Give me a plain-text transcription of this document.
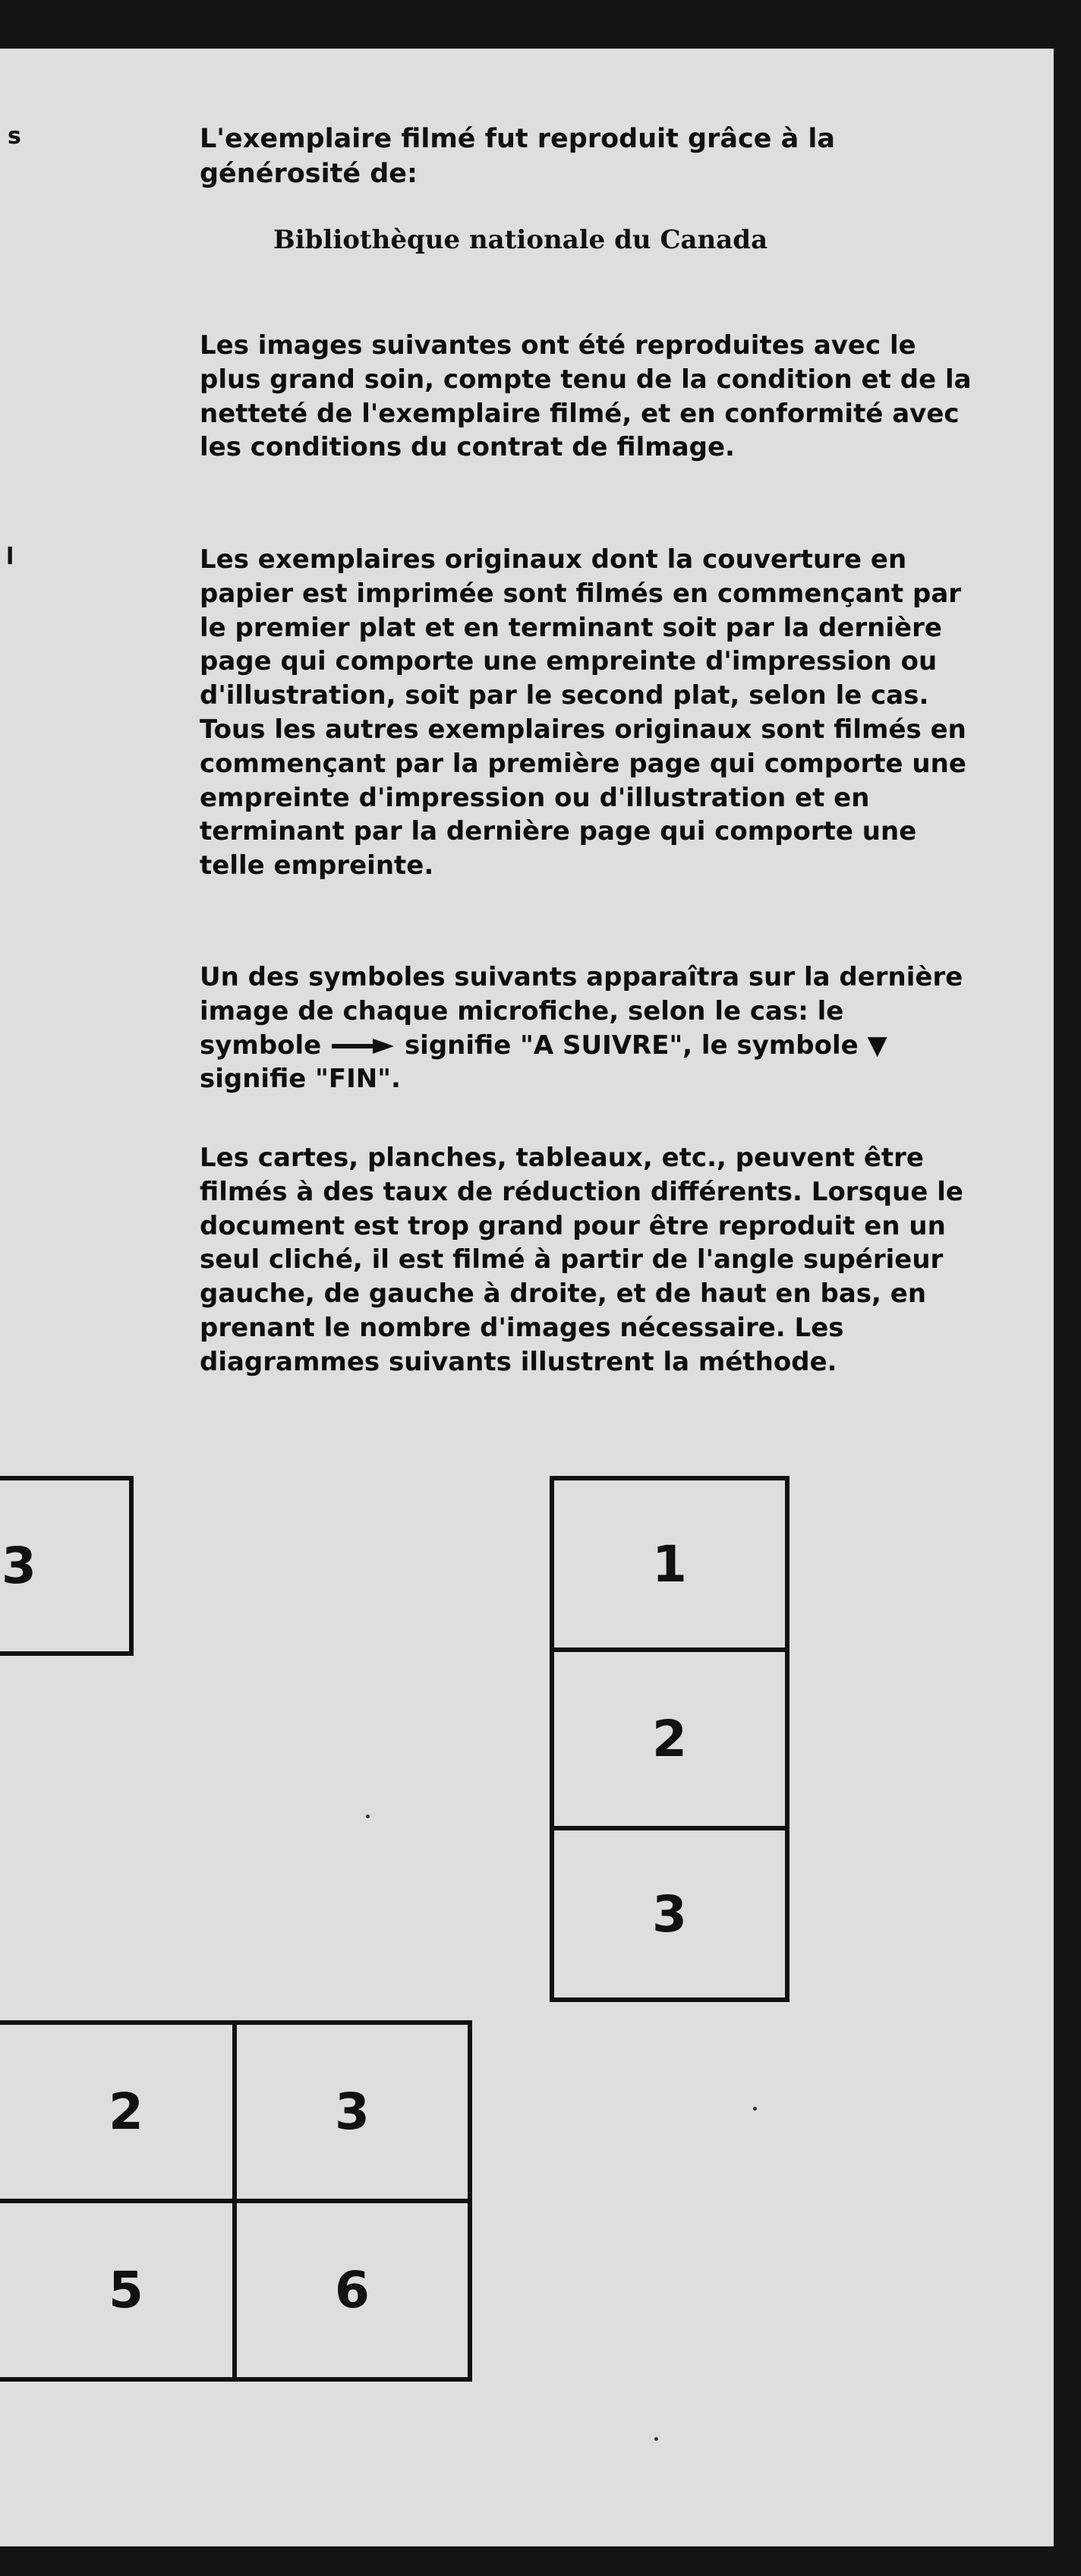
s
l
L'exemplaire filmé fut reproduit grâce à la
générosité de:

Bibliothèque nationale du Canada

Les images suivantes ont été reproduites avec le plus grand soin, compte tenu de la condition et de la netteté de l'exemplaire filmé, et en conformité avec les conditions du contrat de filmage.

Les exemplaires originaux dont la couverture en papier est imprimée sont filmés en commençant par le premier plat et en terminant soit par la dernière page qui comporte une empreinte d'impression ou d'illustration, soit par le second plat, selon le cas. Tous les autres exemplaires originaux sont filmés en commençant par la première page qui comporte une empreinte d'impression ou d'illustration et en terminant par la dernière page qui comporte une telle empreinte.

Un des symboles suivants apparaîtra sur la dernière image de chaque microfiche, selon le cas: le symbole	signifie "A SUIVRE", le symbole ▼ signifie "FIN".

Les cartes, planches, tableaux, etc., peuvent être filmés à des taux de réduction différents. Lorsque le document est trop grand pour être reproduit en un seul cliché, il est filmé à partir de l'angle supérieur gauche, de gauche à droite, et de haut en bas, en prenant le nombre d'images nécessaire. Les diagrammes suivants illustrent la méthode.

3	1
2
3
2	3
5	6
